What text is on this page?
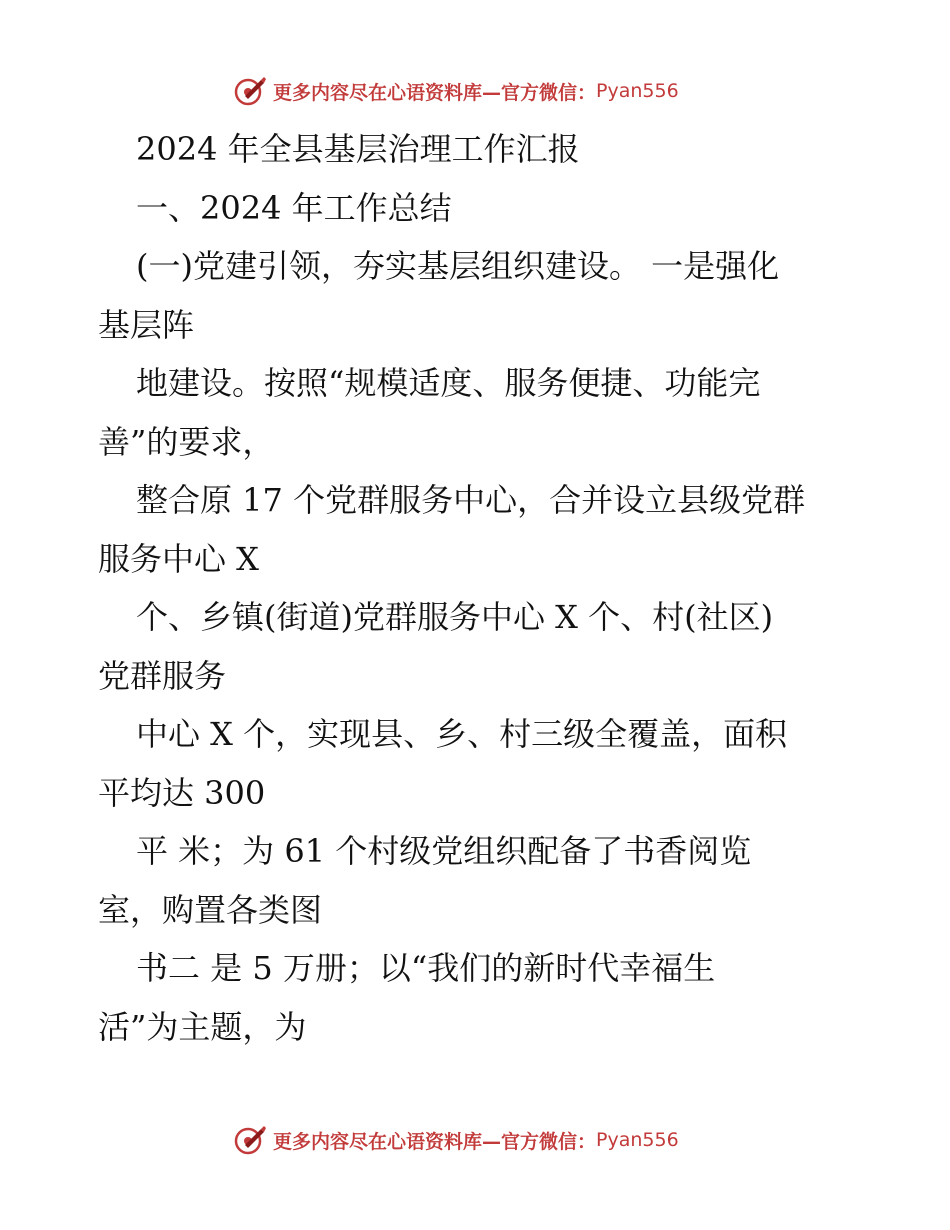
更多内容尽在心语资料库—官方微信： Pyan556
2024 年全县基层治理工作汇报
一、2024 年工作总结
(一)党建引领，夯实基层组织建设。 一是强化
基层阵
地建设。按照“规模适度、服务便捷、功能完
善”的要求，
整合原 17 个党群服务中心，合并设立县级党群
服务中心 X
个、乡镇(街道)党群服务中心 X 个、村(社区)
党群服务
中心 X 个，实现县、乡、村三级全覆盖，面积
平均达 300
平 米；为 61 个村级党组织配备了书香阅览
室，购置各类图
书二 是 5 万册；以“我们的新时代幸福生
活”为主题，为
更多内容尽在心语资料库—官方微信： Pyan556
